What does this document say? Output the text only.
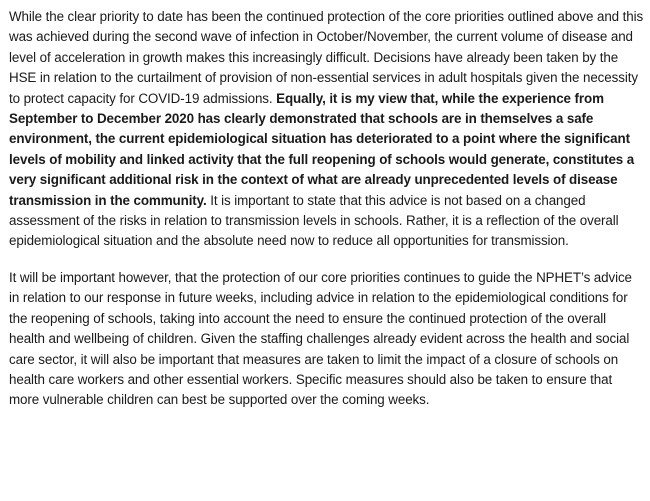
While the clear priority to date has been the continued protection of the core priorities outlined above and this was achieved during the second wave of infection in October/November, the current volume of disease and level of acceleration in growth makes this increasingly difficult. Decisions have already been taken by the HSE in relation to the curtailment of provision of non-essential services in adult hospitals given the necessity to protect capacity for COVID-19 admissions. Equally, it is my view that, while the experience from September to December 2020 has clearly demonstrated that schools are in themselves a safe environment, the current epidemiological situation has deteriorated to a point where the significant levels of mobility and linked activity that the full reopening of schools would generate, constitutes a very significant additional risk in the context of what are already unprecedented levels of disease transmission in the community. It is important to state that this advice is not based on a changed assessment of the risks in relation to transmission levels in schools. Rather, it is a reflection of the overall epidemiological situation and the absolute need now to reduce all opportunities for transmission.

It will be important however, that the protection of our core priorities continues to guide the NPHET’s advice in relation to our response in future weeks, including advice in relation to the epidemiological conditions for the reopening of schools, taking into account the need to ensure the continued protection of the overall health and wellbeing of children. Given the staffing challenges already evident across the health and social care sector, it will also be important that measures are taken to limit the impact of a closure of schools on health care workers and other essential workers. Specific measures should also be taken to ensure that more vulnerable children can best be supported over the coming weeks.
